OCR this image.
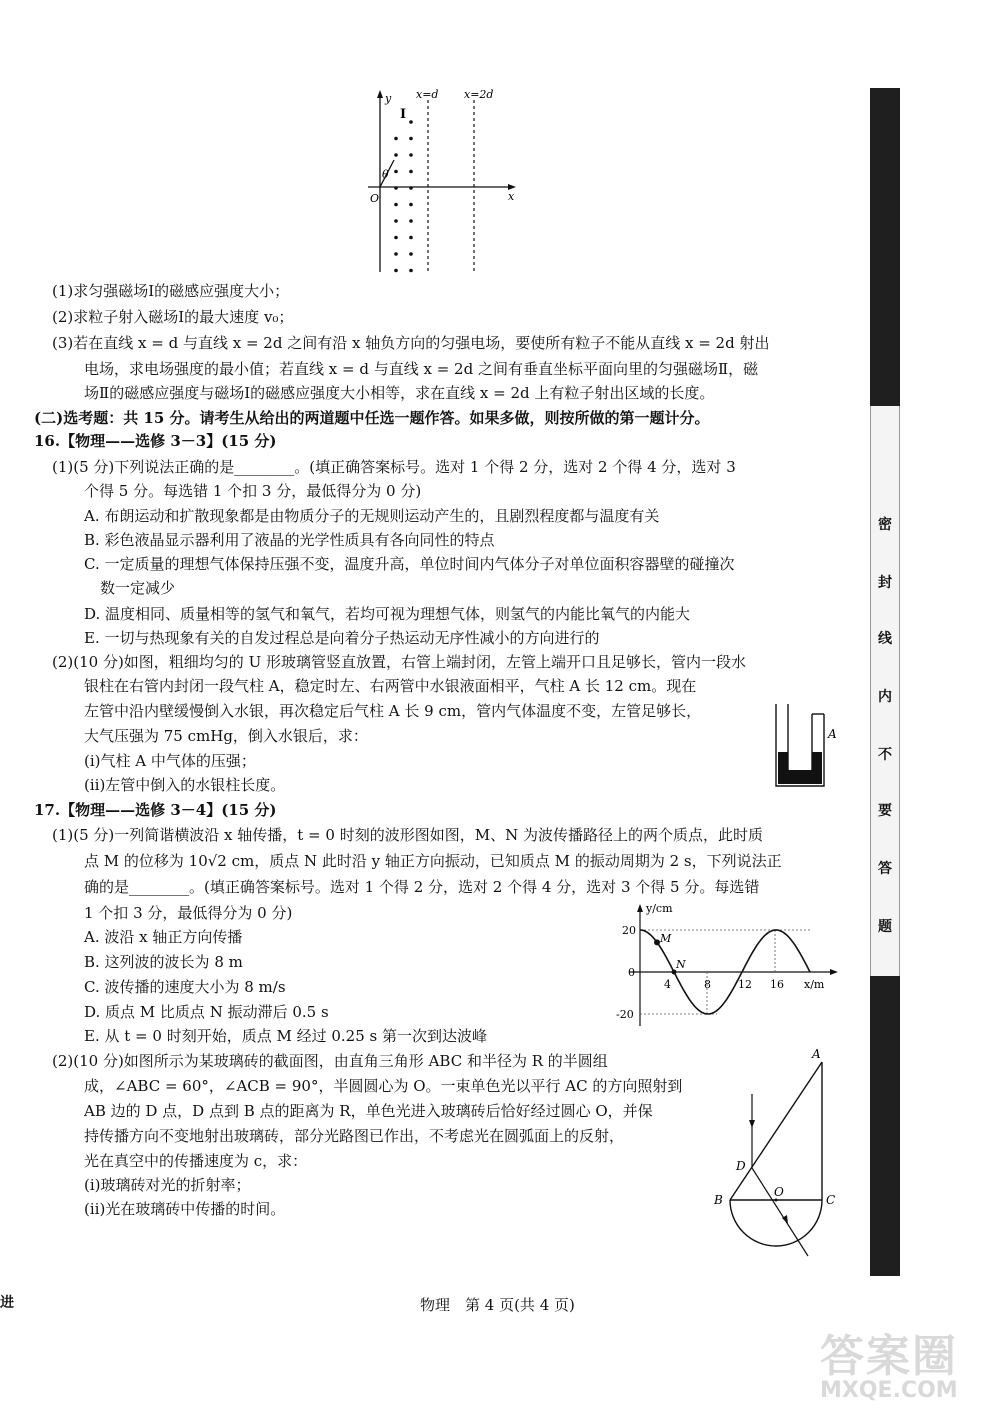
x=d x=2d
y
x
O
Ⅰ
θ
(1)求匀强磁场Ⅰ的磁感应强度大小；
(2)求粒子射入磁场Ⅰ的最大速度 v₀；
(3)若在直线 x = d 与直线 x = 2d 之间有沿 x 轴负方向的匀强电场，要使所有粒子不能从直线 x = 2d 射出
电场，求电场强度的最小值；若直线 x = d 与直线 x = 2d 之间有垂直坐标平面向里的匀强磁场Ⅱ，磁
场Ⅱ的磁感应强度与磁场Ⅰ的磁感应强度大小相等，求在直线 x = 2d 上有粒子射出区域的长度。
(二)选考题：共 15 分。请考生从给出的两道题中任选一题作答。如果多做，则按所做的第一题计分。
16.【物理——选修 3－3】(15 分)
(1)(5 分)下列说法正确的是________。(填正确答案标号。选对 1 个得 2 分，选对 2 个得 4 分，选对 3
个得 5 分。每选错 1 个扣 3 分，最低得分为 0 分)
A. 布朗运动和扩散现象都是由物质分子的无规则运动产生的，且剧烈程度都与温度有关
B. 彩色液晶显示器利用了液晶的光学性质具有各向同性的特点
C. 一定质量的理想气体保持压强不变，温度升高，单位时间内气体分子对单位面积容器壁的碰撞次
数一定减少
D. 温度相同、质量相等的氢气和氧气，若均可视为理想气体，则氢气的内能比氧气的内能大
E. 一切与热现象有关的自发过程总是向着分子热运动无序性减小的方向进行的
(2)(10 分)如图，粗细均匀的 U 形玻璃管竖直放置，右管上端封闭，左管上端开口且足够长，管内一段水
银柱在右管内封闭一段气柱 A，稳定时左、右两管中水银液面相平，气柱 A 长 12 cm。现在
左管中沿内壁缓慢倒入水银，再次稳定后气柱 A 长 9 cm，管内气体温度不变，左管足够长，
大气压强为 75 cmHg，倒入水银后，求：
(ⅰ)气柱 A 中气体的压强；
(ⅱ)左管中倒入的水银柱长度。
A
17.【物理——选修 3－4】(15 分)
(1)(5 分)一列简谐横波沿 x 轴传播，t = 0 时刻的波形图如图，M、N 为波传播路径上的两个质点，此时质
点 M 的位移为 10√2 cm，质点 N 此时沿 y 轴正方向振动，已知质点 M 的振动周期为 2 s，下列说法正
确的是________。(填正确答案标号。选对 1 个得 2 分，选对 2 个得 4 分，选对 3 个得 5 分。每选错
1 个扣 3 分，最低得分为 0 分)
A. 波沿 x 轴正方向传播
B. 这列波的波长为 8 m
C. 波传播的速度大小为 8 m/s
D. 质点 M 比质点 N 振动滞后 0.5 s
E. 从 t = 0 时刻开始，质点 M 经过 0.25 s 第一次到达波峰
y/cm
x/m
0
20
-20
4	8 12 16
M
N
(2)(10 分)如图所示为某玻璃砖的截面图，由直角三角形 ABC 和半径为 R 的半圆组
成，∠ABC = 60°，∠ACB = 90°，半圆圆心为 O。一束单色光以平行 AC 的方向照射到
AB 边的 D 点，D 点到 B 点的距离为 R，单色光进入玻璃砖后恰好经过圆心 O，并保
持传播方向不变地射出玻璃砖，部分光路图已作出，不考虑光在圆弧面上的反射，
光在真空中的传播速度为 c，求：
(ⅰ)玻璃砖对光的折射率；
(ⅱ)光在玻璃砖中传播的时间。
A
B	C
D
O
密
封
线
内
不
要
答
题
进	物理　第 4 页(共 4 页)
答案圈
MXQE.COM
